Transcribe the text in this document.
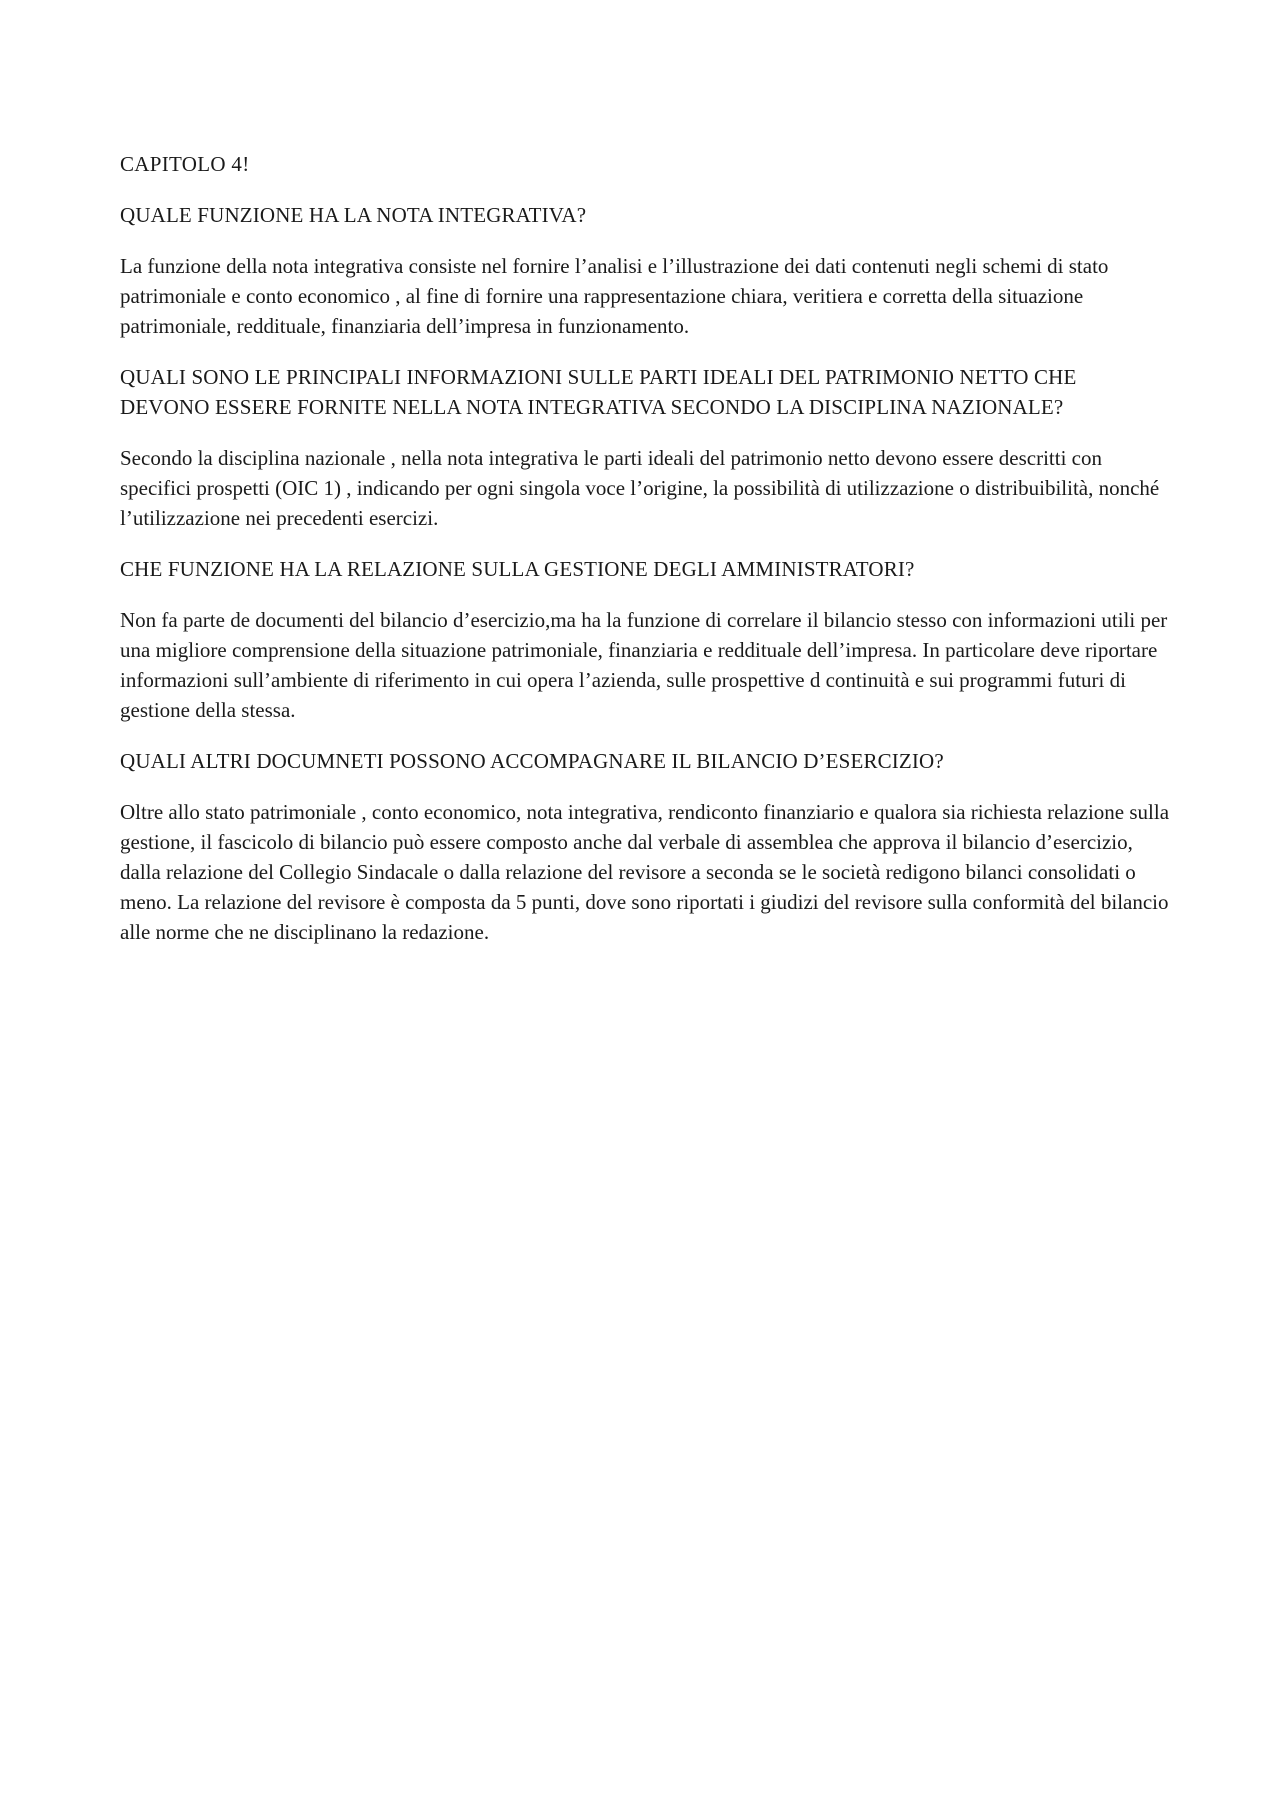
CAPITOLO 4!

QUALE FUNZIONE HA LA NOTA INTEGRATIVA?

La funzione della nota integrativa consiste nel fornire l’analisi e l’illustrazione dei dati contenuti negli schemi di stato patrimoniale e conto economico , al fine di fornire una rappresentazione chiara, veritiera e corretta della situazione patrimoniale, reddituale, finanziaria dell’impresa in funzionamento.

QUALI SONO LE PRINCIPALI INFORMAZIONI SULLE PARTI IDEALI DEL PATRIMONIO NETTO CHE DEVONO ESSERE FORNITE NELLA NOTA INTEGRATIVA SECONDO LA DISCIPLINA NAZIONALE?

Secondo la disciplina nazionale , nella nota integrativa le parti ideali del patrimonio netto devono essere descritti con specifici prospetti (OIC 1) , indicando per ogni singola voce l’origine, la possibilità di utilizzazione o distribuibilità, nonché l’utilizzazione nei precedenti esercizi.

CHE FUNZIONE HA LA RELAZIONE SULLA GESTIONE DEGLI AMMINISTRATORI?

Non fa parte de documenti del bilancio d’esercizio,ma ha la funzione di correlare il bilancio stesso con informazioni utili per una migliore comprensione della situazione patrimoniale, finanziaria e reddituale dell’impresa. In particolare deve riportare informazioni sull’ambiente di riferimento in cui opera l’azienda, sulle prospettive d continuità e sui programmi futuri di gestione della stessa.

QUALI ALTRI DOCUMNETI POSSONO ACCOMPAGNARE IL BILANCIO D’ESERCIZIO?

Oltre allo stato patrimoniale , conto economico, nota integrativa, rendiconto finanziario e qualora sia richiesta relazione sulla gestione, il fascicolo di bilancio può essere composto anche dal verbale di assemblea che approva il bilancio d’esercizio, dalla relazione del Collegio Sindacale o dalla relazione del revisore a seconda se le società redigono bilanci consolidati o meno. La relazione del revisore è composta da 5 punti, dove sono riportati i giudizi del revisore sulla conformità del bilancio alle norme che ne disciplinano la redazione.
